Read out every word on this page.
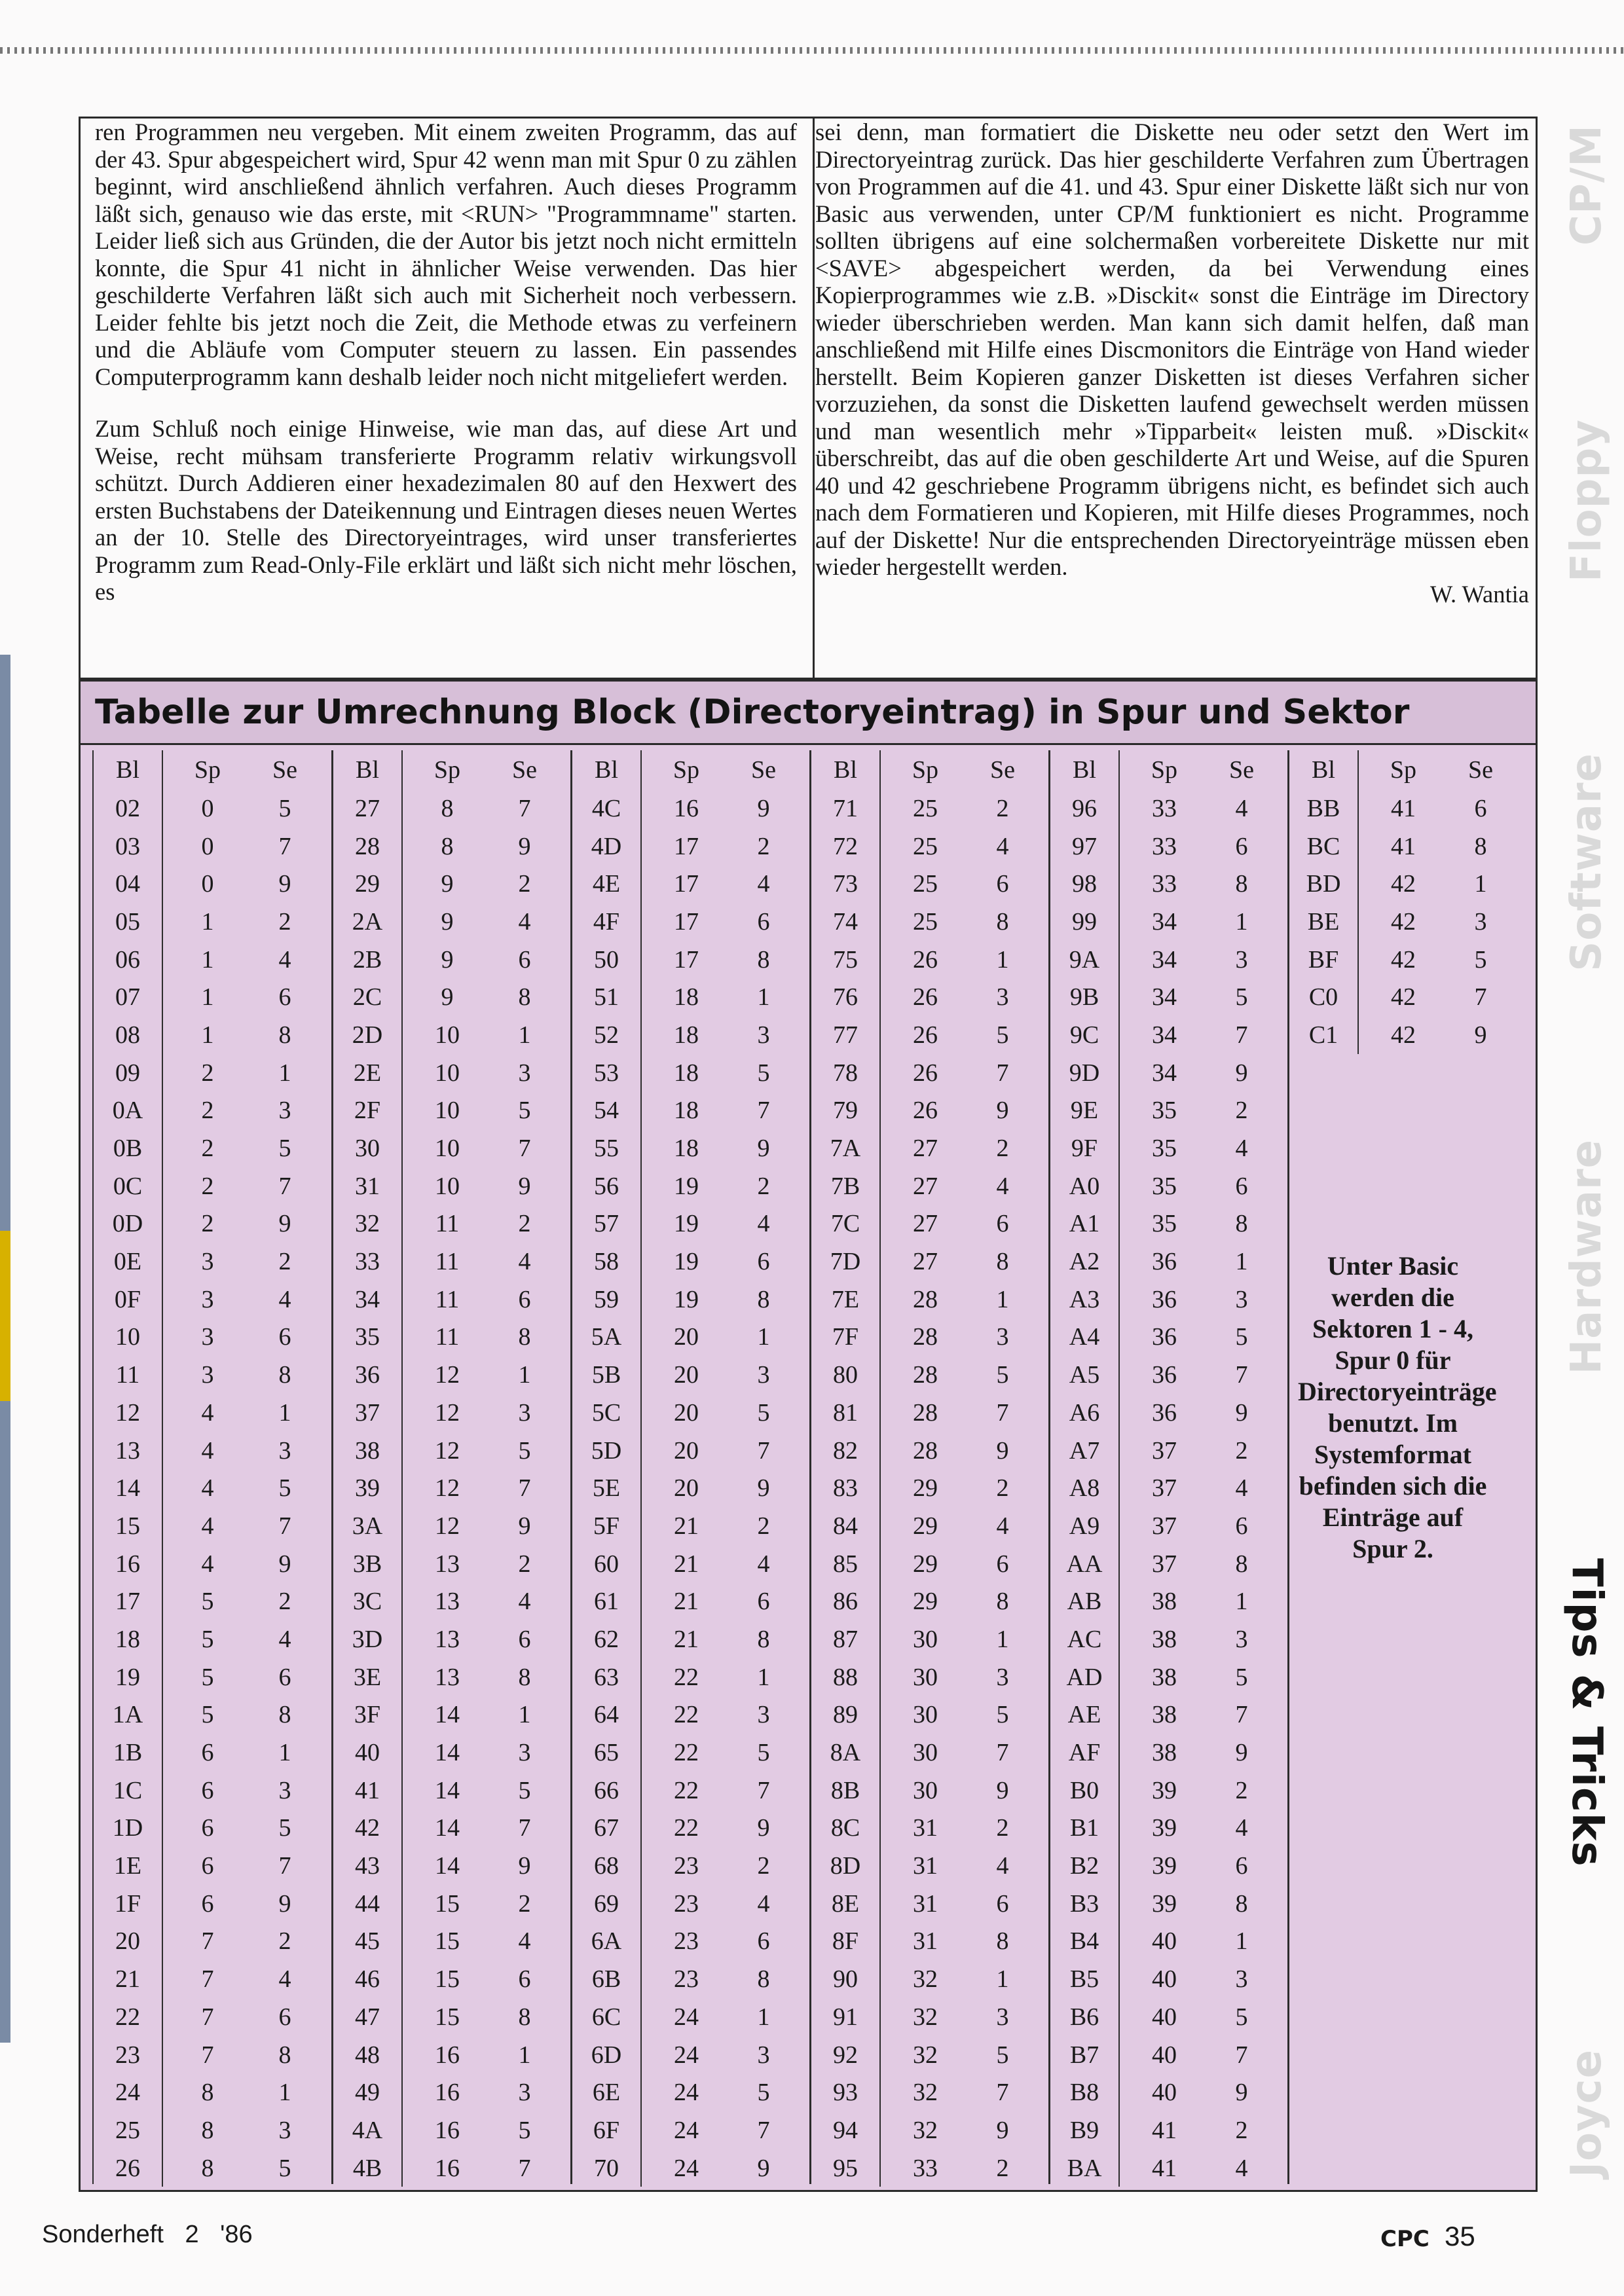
ren Programmen neu vergeben. Mit einem zweiten Programm, das auf der 43. Spur abgespeichert wird, Spur 42 wenn man mit Spur 0 zu zählen beginnt, wird anschließend ähnlich verfahren. Auch dieses Programm läßt sich, genauso wie das erste, mit <RUN> "Programmname" starten. Leider ließ sich aus Gründen, die der Autor bis jetzt noch nicht ermitteln konnte, die Spur 41 nicht in ähnlicher Weise verwenden. Das hier geschilderte Verfahren läßt sich auch mit Sicherheit noch verbessern. Leider fehlte bis jetzt noch die Zeit, die Methode etwas zu verfeinern und die Abläufe vom Computer steuern zu lassen. Ein passendes Computerprogramm kann deshalb leider noch nicht mitgeliefert werden.

Zum Schluß noch einige Hinweise, wie man das, auf diese Art und Weise, recht mühsam transferierte Programm relativ wirkungsvoll schützt. Durch Addieren einer hexadezimalen 80 auf den Hexwert des ersten Buchstabens der Dateikennung und Eintragen dieses neuen Wertes an der 10. Stelle des Directoryeintrages, wird unser transferiertes Programm zum Read-Only-File erklärt und läßt sich nicht mehr löschen, es

sei denn, man formatiert die Diskette neu oder setzt den Wert im Directoryeintrag zurück. Das hier geschilderte Verfahren zum Übertragen von Programmen auf die 41. und 43. Spur einer Diskette läßt sich nur von Basic aus verwenden, unter CP/M funktioniert es nicht. Programme sollten übrigens auf eine solchermaßen vorbereitete Diskette nur mit <SAVE> abgespeichert werden, da bei Verwendung eines Kopierprogrammes wie z.B. »Disckit« sonst die Einträge im Directory wieder überschrieben werden. Man kann sich damit helfen, daß man anschließend mit Hilfe eines Discmonitors die Einträge von Hand wieder herstellt. Beim Kopieren ganzer Disketten ist dieses Verfahren sicher vorzuziehen, da sonst die Disketten laufend gewechselt werden müssen und man wesentlich mehr »Tipparbeit« leisten muß. »Disckit« überschreibt, das auf die oben geschilderte Art und Weise, auf die Spuren 40 und 42 geschriebene Programm übrigens nicht, es befindet sich auch nach dem Formatieren und Kopieren, mit Hilfe dieses Programmes, noch auf der Diskette! Nur die entsprechenden Directoryeinträge müssen eben wieder hergestellt werden.

W. Wantia
Tabelle zur Umrechnung Block (Directoryeintrag) in Spur und Sektor
Bl	Sp	Se
02	0	5
03	0	7
04	0	9
05	1	2
06	1	4
07	1	6
08	1	8
09	2	1
0A	2	3
0B	2	5
0C	2	7
0D	2	9
0E	3	2
0F	3	4
10	3	6
11	3	8
12	4	1
13	4	3
14	4	5
15	4	7
16	4	9
17	5	2
18	5	4
19	5	6
1A	5	8
1B	6	1
1C	6	3
1D	6	5
1E	6	7
1F	6	9
20	7	2
21	7	4
22	7	6
23	7	8
24	8	1
25	8	3
26	8	5
Bl	Sp	Se
27	8	7
28	8	9
29	9	2
2A	9	4
2B	9	6
2C	9	8
2D	10	1
2E	10	3
2F	10	5
30	10	7
31	10	9
32	11	2
33	11	4
34	11	6
35	11	8
36	12	1
37	12	3
38	12	5
39	12	7
3A	12	9
3B	13	2
3C	13	4
3D	13	6
3E	13	8
3F	14	1
40	14	3
41	14	5
42	14	7
43	14	9
44	15	2
45	15	4
46	15	6
47	15	8
48	16	1
49	16	3
4A	16	5
4B	16	7
Bl	Sp	Se
4C	16	9
4D	17	2
4E	17	4
4F	17	6
50	17	8
51	18	1
52	18	3
53	18	5
54	18	7
55	18	9
56	19	2
57	19	4
58	19	6
59	19	8
5A	20	1
5B	20	3
5C	20	5
5D	20	7
5E	20	9
5F	21	2
60	21	4
61	21	6
62	21	8
63	22	1
64	22	3
65	22	5
66	22	7
67	22	9
68	23	2
69	23	4
6A	23	6
6B	23	8
6C	24	1
6D	24	3
6E	24	5
6F	24	7
70	24	9
Bl	Sp	Se
71	25	2
72	25	4
73	25	6
74	25	8
75	26	1
76	26	3
77	26	5
78	26	7
79	26	9
7A	27	2
7B	27	4
7C	27	6
7D	27	8
7E	28	1
7F	28	3
80	28	5
81	28	7
82	28	9
83	29	2
84	29	4
85	29	6
86	29	8
87	30	1
88	30	3
89	30	5
8A	30	7
8B	30	9
8C	31	2
8D	31	4
8E	31	6
8F	31	8
90	32	1
91	32	3
92	32	5
93	32	7
94	32	9
95	33	2
Bl	Sp	Se
96	33	4
97	33	6
98	33	8
99	34	1
9A	34	3
9B	34	5
9C	34	7
9D	34	9
9E	35	2
9F	35	4
A0	35	6
A1	35	8
A2	36	1
A3	36	3
A4	36	5
A5	36	7
A6	36	9
A7	37	2
A8	37	4
A9	37	6
AA	37	8
AB	38	1
AC	38	3
AD	38	5
AE	38	7
AF	38	9
B0	39	2
B1	39	4
B2	39	6
B3	39	8
B4	40	1
B5	40	3
B6	40	5
B7	40	7
B8	40	9
B9	41	2
BA	41	4
Bl	Sp	Se
BB	41	6
BC	41	8
BD	42	1
BE	42	3
BF	42	5
C0	42	7
C1	42	9
Unter Basic werden die Sektoren 1 - 4, Spur 0 für Directoryeinträge benutzt. Im Systemformat befinden sich die Einträge auf Spur 2.
CP/M
Floppy
Software
Hardware
Tips & Tricks
Joyce
Sonderheft 2 '86	CPC 35
